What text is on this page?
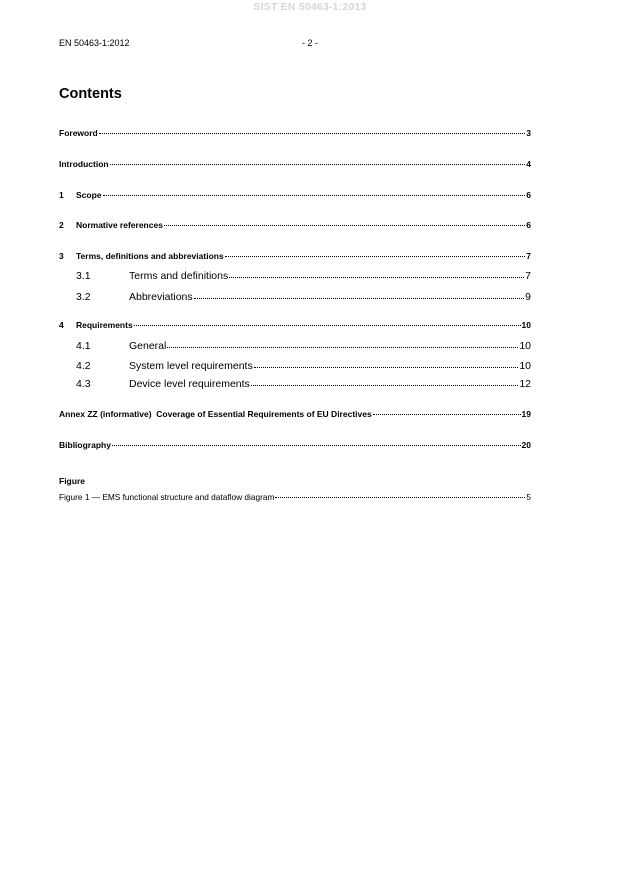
SIST EN 50463-1:2013
EN 50463-1:2012	- 2 -
Contents
Foreword	3
Introduction	4
1	Scope	6
2	Normative references	6
3	Terms, definitions and abbreviations	7
3.1	Terms and definitions	7
3.2	Abbreviations	9
4	Requirements	10
4.1	General	10
4.2	System level requirements	10
4.3	Device level requirements	12
Annex ZZ (informative)  Coverage of Essential Requirements of EU Directives	19
Bibliography	20
Figure
Figure 1 — EMS functional structure and dataflow diagram	5
